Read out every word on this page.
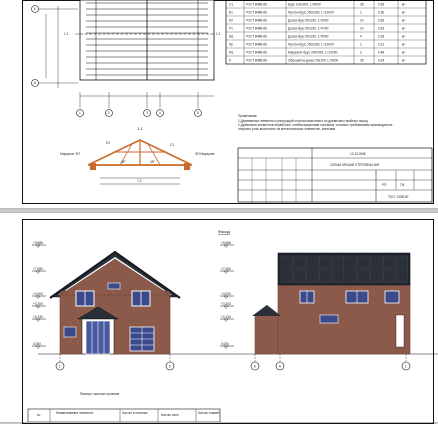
Б
А
1-1	1-1
1	2	3	4	5
1-1
П1	С1
Мауэрлат ЭП	ЭП Мауэрлат
45°	45°
7,2
С1	ГОСТ 8486-86	Брус 100х200, L=6000	28	0,55	м³
Б1	ГОСТ 8486-86	Прогон-брус 150х200, L=12000	1	0,36	м³
П2	ГОСТ 8486-86	Доска-брус 50х150, L=3000	14	0,66	м³
Р1	ГОСТ 8486-86	Доска-брус 50х150, L=4700	14	0,53	м³
Ш1	ГОСТ 8486-86	Доска-брус 50х150, L=5000	4	0,28	м³
Пр	ГОСТ 8486-86	Прогон-брус 150х200, L=12000	1	0,31	м³
М1	ГОСТ 8486-86	Мауэрлат-брус 200х200, L=12000	2	0,48	м³
К	ГОСТ 8486-86	Обрешетка-доска 25х100, L=6000	28	0,24	м³
Примечания:
1.Деревянные элементы конструкций стропил выполнять из древесины хвойных пород
2.Древесина элементов обработать огнебиозащитным составом, согласно требованиям производителя
опорные узлы выполнить на металлических элементах, кнехтами
12-22-КМБ
СХЕМА КРЫШИ СТРОПИЛЬНАЯ
РП	7/4
ТОО "СЕВОК"
Фасад
+9,686
+7,080
+4,000
+3,200
+0,130
0,000
+9,686
+7,080
+4,000
+3,200
+0,130
0,000
1	5	Б	А	1
Паспорт оконных проемов
№	Наименование элемента	Кол-во в сечении	Кол-во окон	Кол-во этажей
